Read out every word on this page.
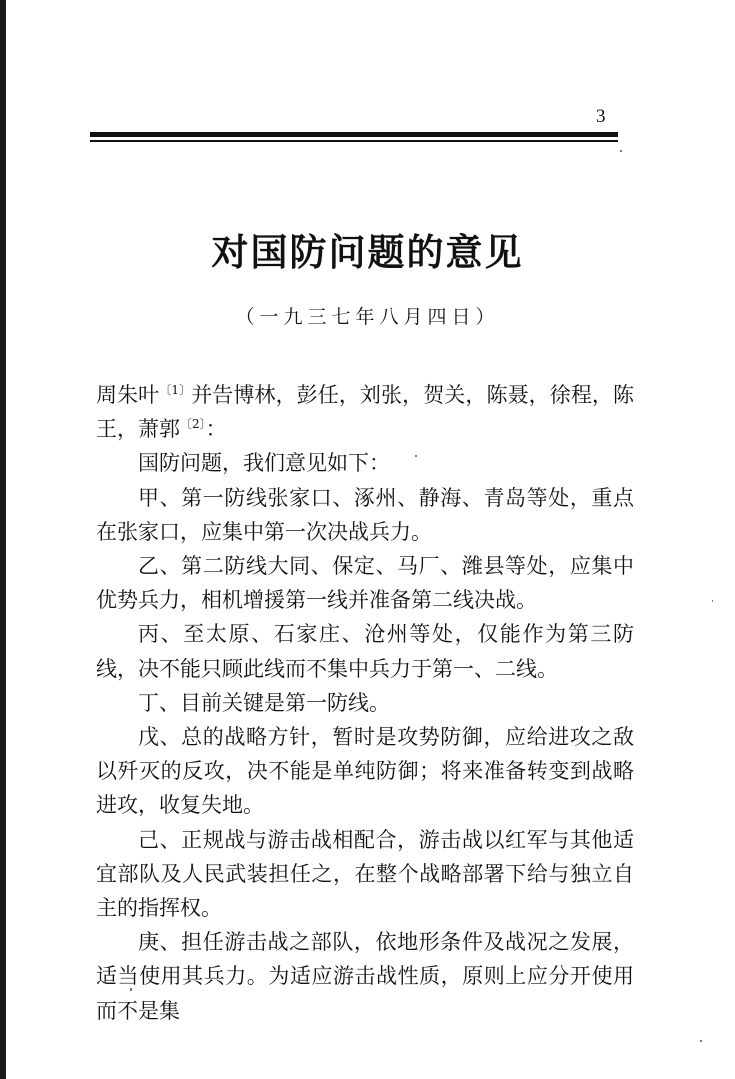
3
对国防问题的意见
（一九三七年八月四日）

周朱叶$^{〔1〕}$并告博林，彭任，刘张，贺关，陈聂，徐程，陈王，萧郭$^{〔2〕}$：

国防问题，我们意见如下：

甲、第一防线张家口、涿州、静海、青岛等处，重点在张家口，应集中第一次决战兵力。

乙、第二防线大同、保定、马厂、潍县等处，应集中优势兵力，相机增援第一线并准备第二线决战。

丙、至太原、石家庄、沧州等处，仅能作为第三防线，决不能只顾此线而不集中兵力于第一、二线。

丁、目前关键是第一防线。

戊、总的战略方针，暂时是攻势防御，应给进攻之敌以歼灭的反攻，决不能是单纯防御；将来准备转变到战略进攻，收复失地。

己、正规战与游击战相配合，游击战以红军与其他适宜部队及人民武装担任之，在整个战略部署下给与独立自主的指挥权。

庚、担任游击战之部队，依地形条件及战况之发展，适当使用其兵力。为适应游击战性质，原则上应分开使用而不是集
